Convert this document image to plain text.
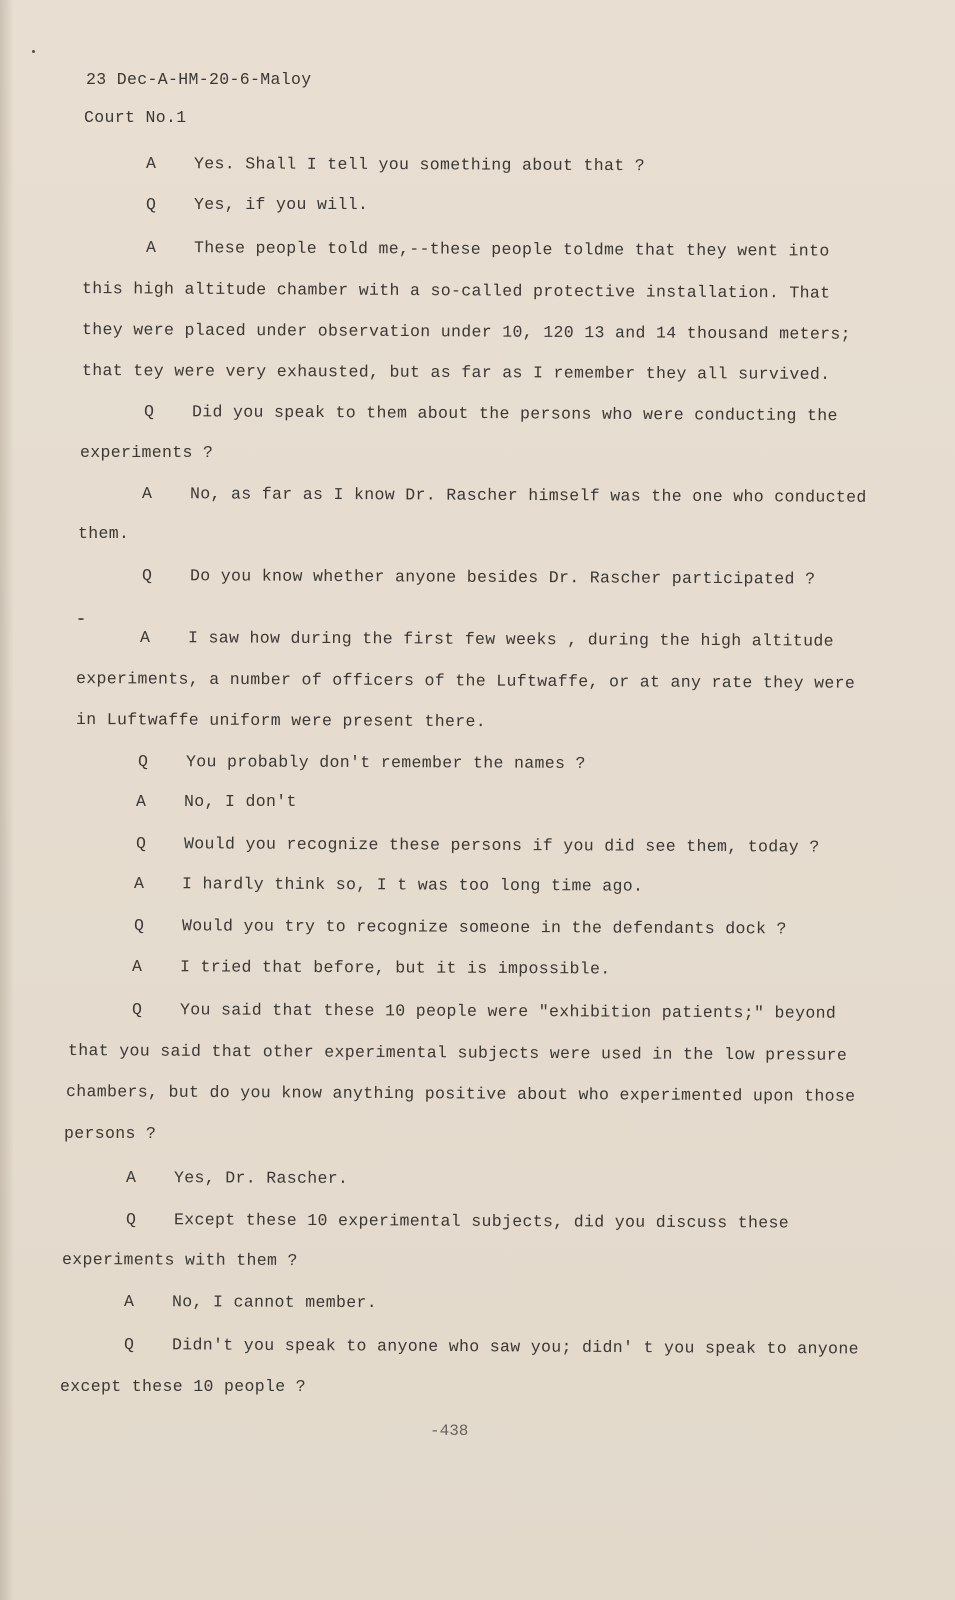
23 Dec-A-HM-20-6-Maloy
Court No.1
A Yes. Shall I tell you something about that ?
Q Yes, if you will.
A These people told me,--these people toldme that they went into
this high altitude chamber with a so-called protective installation. That
they were placed under observation under 10, 120 13 and 14 thousand meters;
that tey were very exhausted, but as far as I remember they all survived.
Q Did you speak to them about the persons who were conducting the
experiments ?
A No, as far as I know Dr. Rascher himself was the one who conducted
them.
Q Do you know whether anyone besides Dr. Rascher participated ?
A I saw how during the first few weeks , during the high altitude
experiments, a number of officers of the Luftwaffe, or at any rate they were
in Luftwaffe uniform were present there.
Q You probably don't remember the names ?
A No, I don't
Q Would you recognize these persons if you did see them, today ?
A I hardly think so, I t was too long time ago.
Q Would you try to recognize someone in the defendants dock ?
A I tried that before, but it is impossible.
Q You said that these 10 people were "exhibition patients;" beyond
that you said that other experimental subjects were used in the low pressure
chambers, but do you know anything positive about who experimented upon those
persons ?
A Yes, Dr. Rascher.
Q Except these 10 experimental subjects, did you discuss these
experiments with them ?
A No, I cannot member.
Q Didn't you speak to anyone who saw you; didn' t you speak to anyone
except these 10 people ?
-438
